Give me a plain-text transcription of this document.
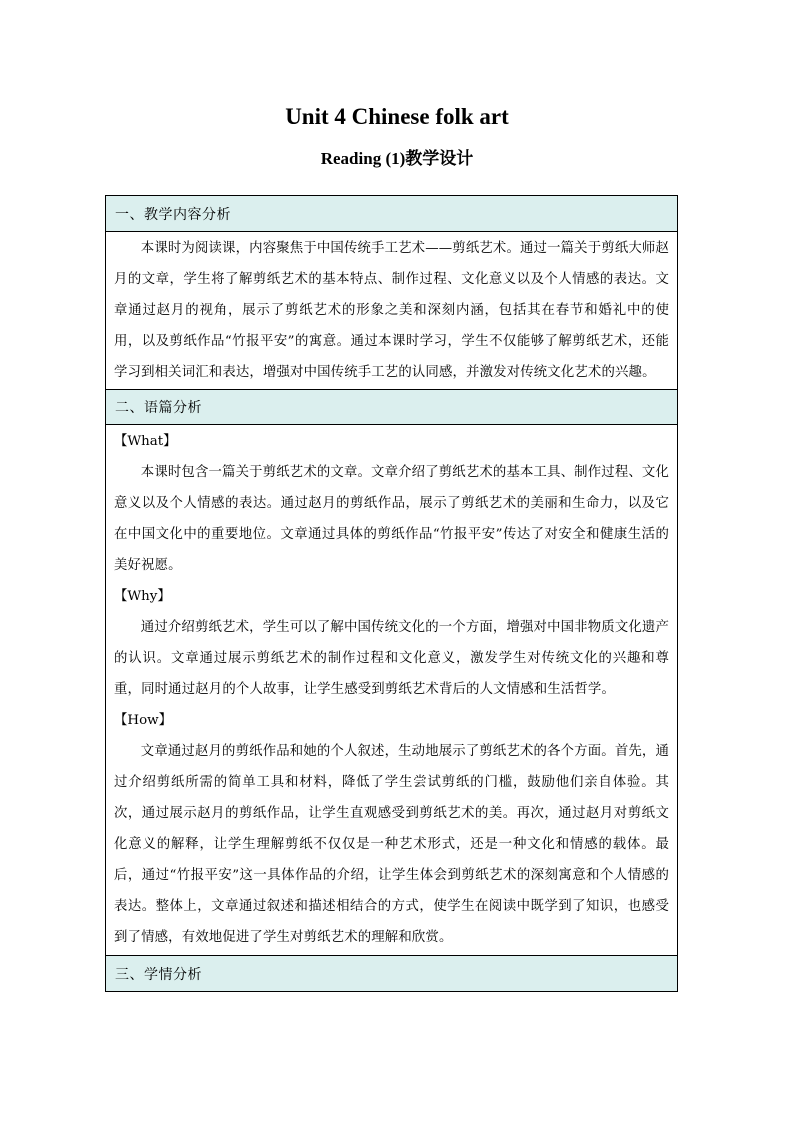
Unit 4 Chinese folk art
Reading (1)教学设计
一、教学内容分析

本课时为阅读课，内容聚焦于中国传统手工艺术——剪纸艺术。通过一篇关于剪纸大师赵月的文章，学生将了解剪纸艺术的基本特点、制作过程、文化意义以及个人情感的表达。文章通过赵月的视角，展示了剪纸艺术的形象之美和深刻内涵，包括其在春节和婚礼中的使用，以及剪纸作品“竹报平安”的寓意。通过本课时学习，学生不仅能够了解剪纸艺术，还能学习到相关词汇和表达，增强对中国传统手工艺的认同感，并激发对传统文化艺术的兴趣。

二、语篇分析

【What】

本课时包含一篇关于剪纸艺术的文章。文章介绍了剪纸艺术的基本工具、制作过程、文化意义以及个人情感的表达。通过赵月的剪纸作品，展示了剪纸艺术的美丽和生命力，以及它在中国文化中的重要地位。文章通过具体的剪纸作品“竹报平安”传达了对安全和健康生活的美好祝愿。

【Why】

通过介绍剪纸艺术，学生可以了解中国传统文化的一个方面，增强对中国非物质文化遗产的认识。文章通过展示剪纸艺术的制作过程和文化意义，激发学生对传统文化的兴趣和尊重，同时通过赵月的个人故事，让学生感受到剪纸艺术背后的人文情感和生活哲学。

【How】

文章通过赵月的剪纸作品和她的个人叙述，生动地展示了剪纸艺术的各个方面。首先，通过介绍剪纸所需的简单工具和材料，降低了学生尝试剪纸的门槛，鼓励他们亲自体验。其次，通过展示赵月的剪纸作品，让学生直观感受到剪纸艺术的美。再次，通过赵月对剪纸文化意义的解释，让学生理解剪纸不仅仅是一种艺术形式，还是一种文化和情感的载体。最后，通过“竹报平安”这一具体作品的介绍，让学生体会到剪纸艺术的深刻寓意和个人情感的表达。整体上，文章通过叙述和描述相结合的方式，使学生在阅读中既学到了知识，也感受到了情感，有效地促进了学生对剪纸艺术的理解和欣赏。

三、学情分析
